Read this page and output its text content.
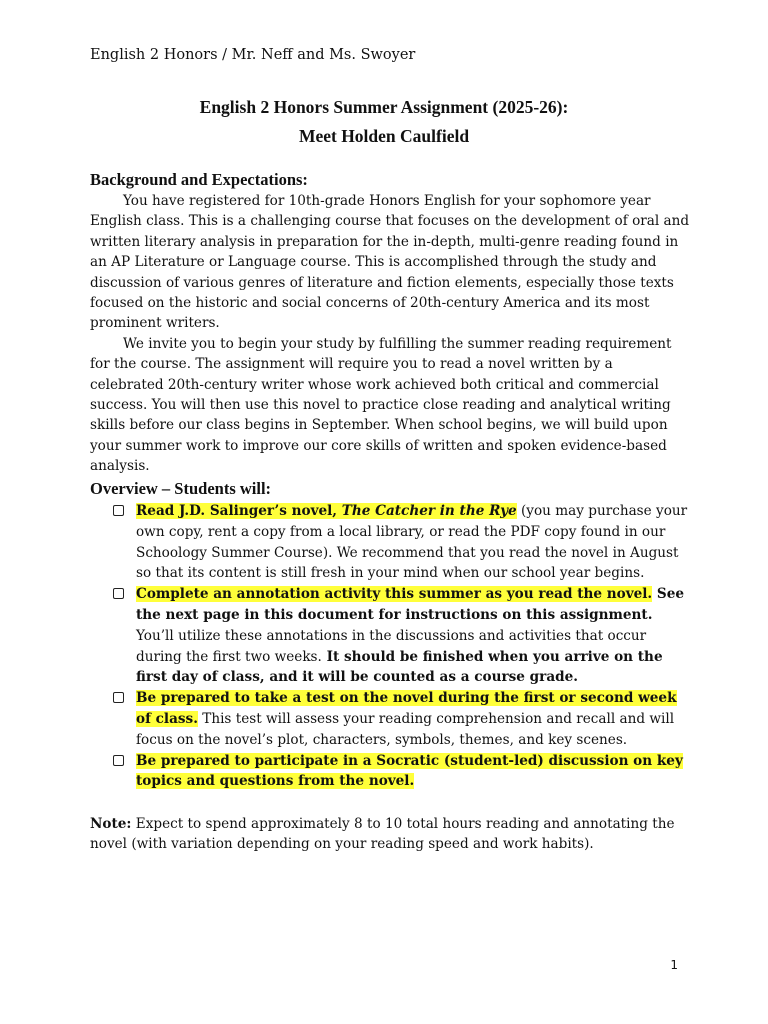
English 2 Honors / Mr. Neff and Ms. Swoyer
English 2 Honors Summer Assignment (2025-26):
Meet Holden Caulfield
Background and Expectations:

You have registered for 10th-grade Honors English for your sophomore year English class. This is a challenging course that focuses on the development of oral and written literary analysis in preparation for the in-depth, multi-genre reading found in an AP Literature or Language course. This is accomplished through the study and discussion of various genres of literature and fiction elements, especially those texts focused on the historic and social concerns of 20th-century America and its most prominent writers.

We invite you to begin your study by fulfilling the summer reading requirement for the course. The assignment will require you to read a novel written by a celebrated 20th-century writer whose work achieved both critical and commercial success. You will then use this novel to practice close reading and analytical writing skills before our class begins in September. When school begins, we will build upon your summer work to improve our core skills of written and spoken evidence-based analysis.

Overview – Students will:
Read J.D. Salinger’s novel, The Catcher in the Rye (you may purchase your own copy, rent a copy from a local library, or read the PDF copy found in our Schoology Summer Course). We recommend that you read the novel in August so that its content is still fresh in your mind when our school year begins.
Complete an annotation activity this summer as you read the novel. See the next page in this document for instructions on this assignment. You’ll utilize these annotations in the discussions and activities that occur during the first two weeks. It should be finished when you arrive on the first day of class, and it will be counted as a course grade.
Be prepared to take a test on the novel during the first or second week of class. This test will assess your reading comprehension and recall and will focus on the novel’s plot, characters, symbols, themes, and key scenes.
Be prepared to participate in a Socratic (student-led) discussion on key topics and questions from the novel.
Note: Expect to spend approximately 8 to 10 total hours reading and annotating the novel (with variation depending on your reading speed and work habits).
1
